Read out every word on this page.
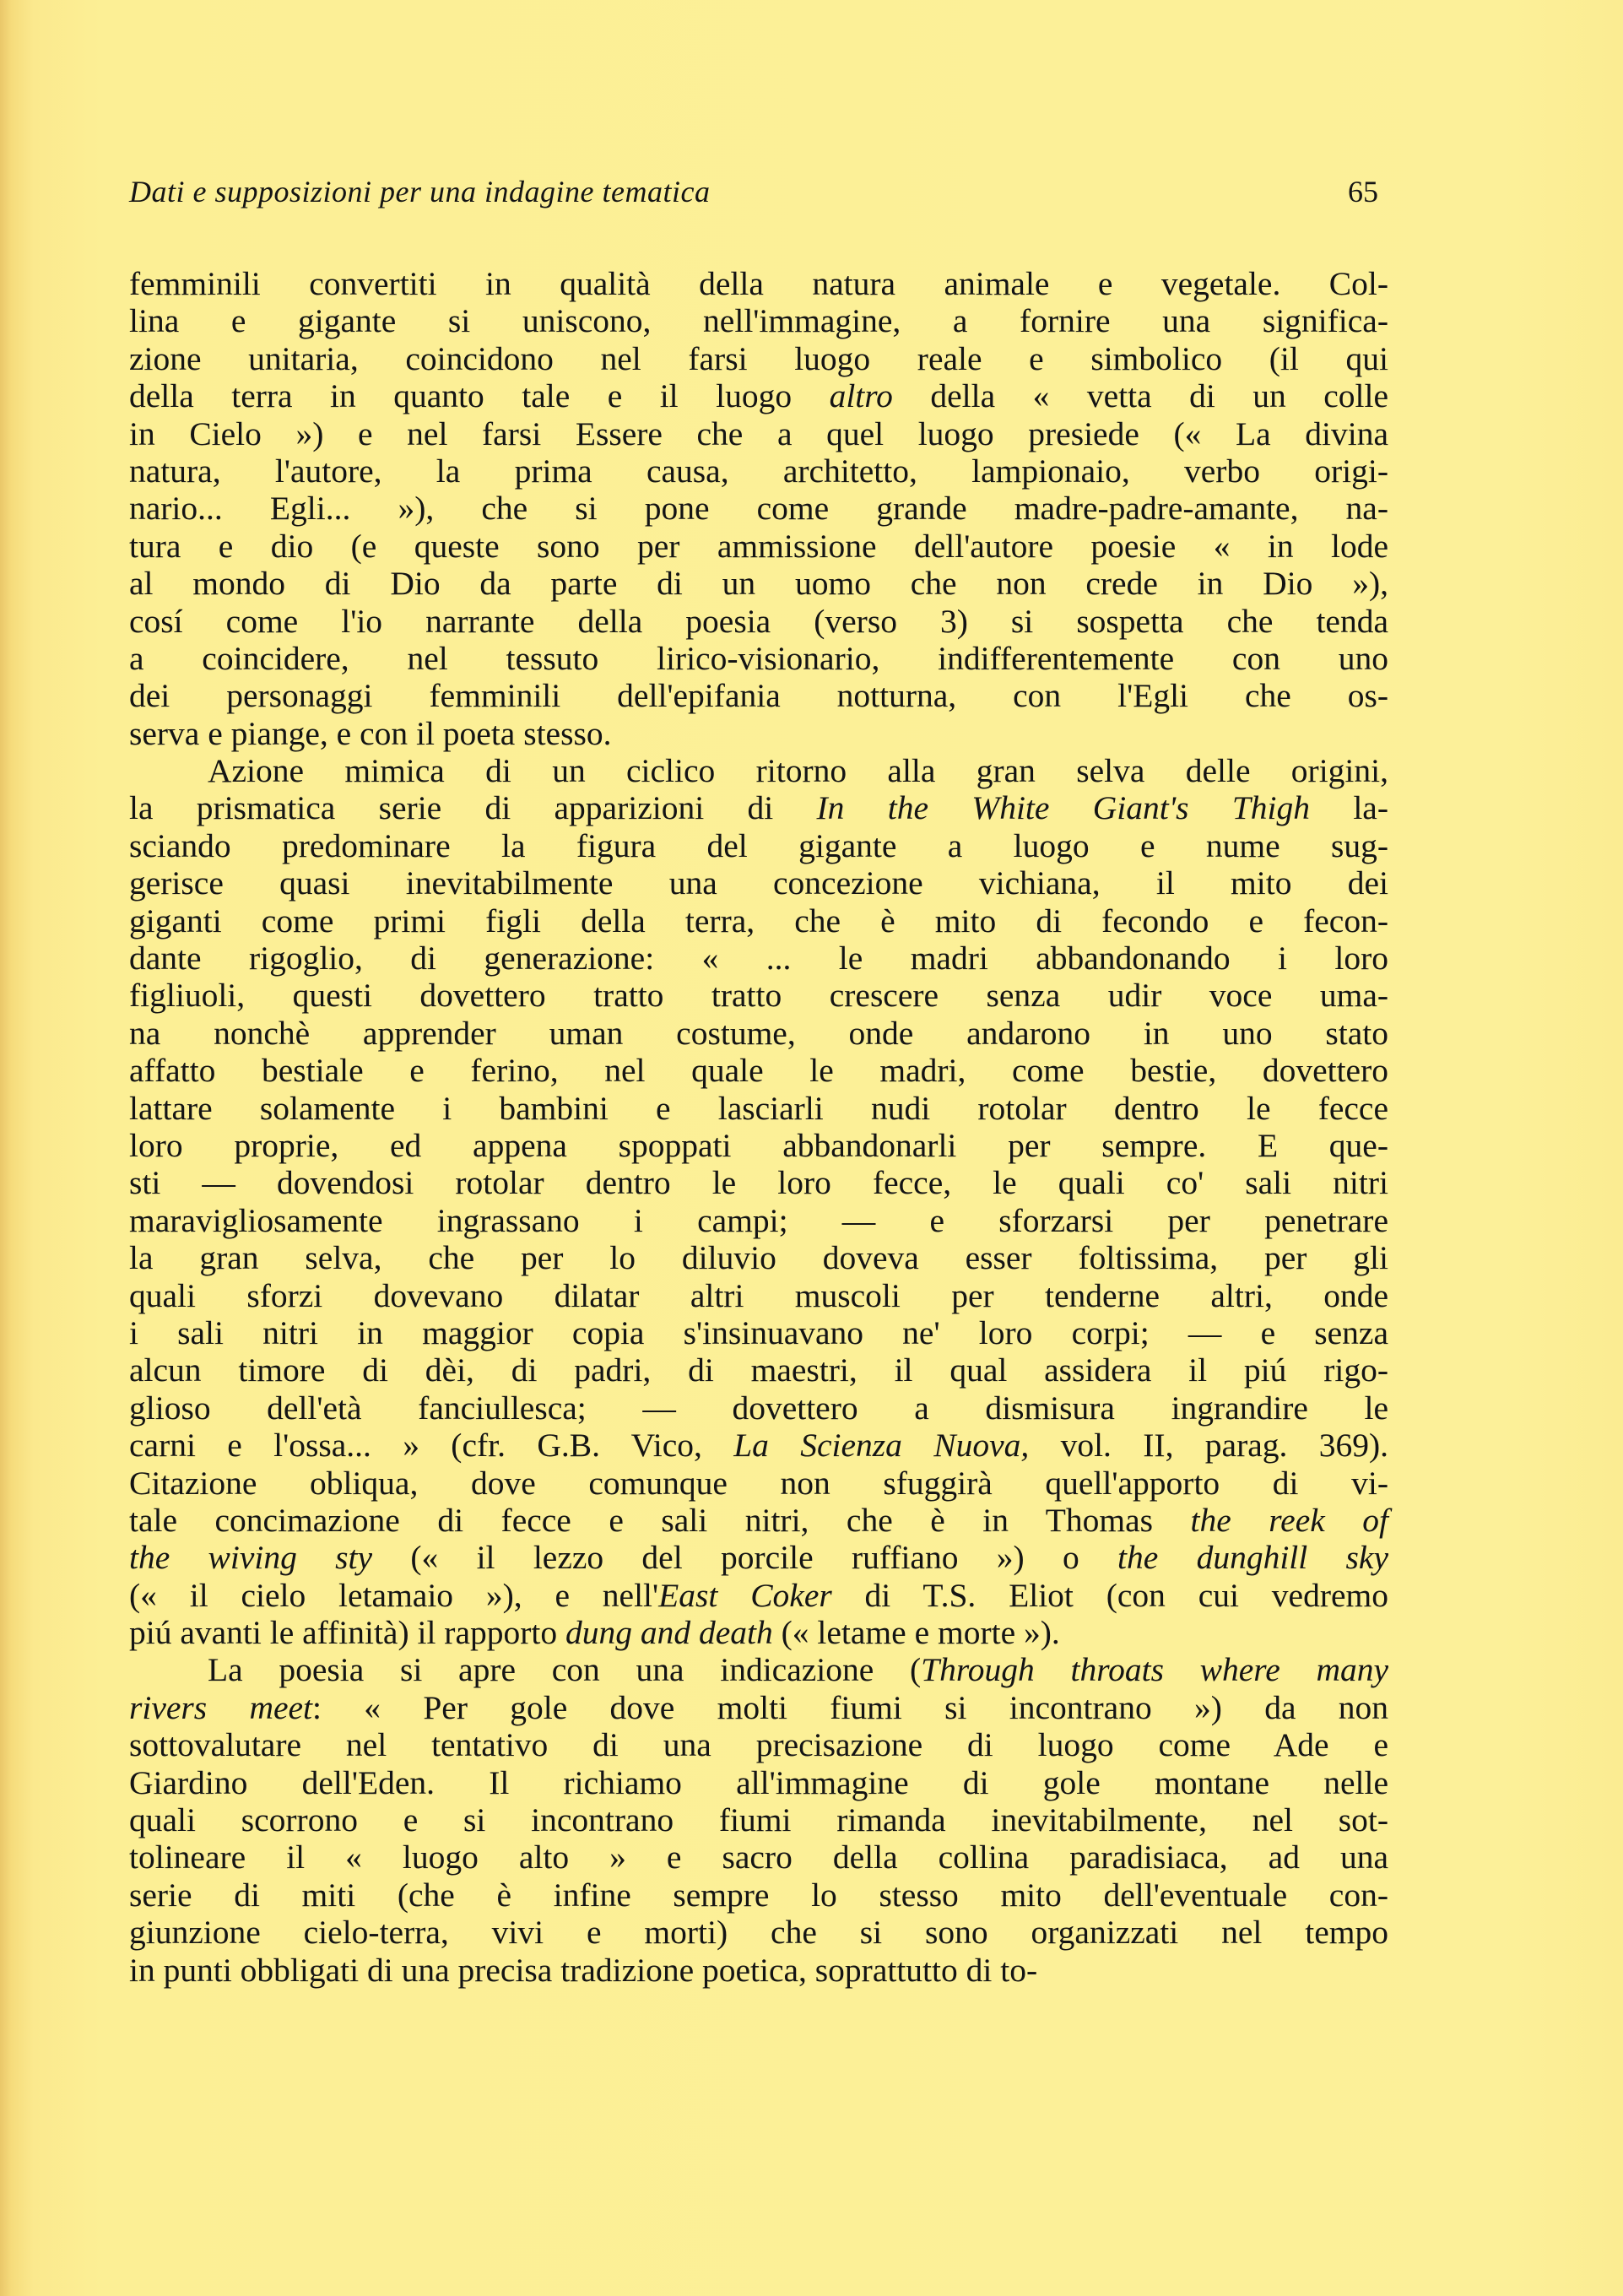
Dati e supposizioni per una indagine tematica	65
femminili convertiti in qualità della natura animale e vegetale. Col-
lina e gigante si uniscono, nell'immagine, a fornire una significa-
zione unitaria, coincidono nel farsi luogo reale e simbolico (il qui
della terra in quanto tale e il luogo altro della « vetta di un colle
in Cielo ») e nel farsi Essere che a quel luogo presiede (« La divina
natura, l'autore, la prima causa, architetto, lampionaio, verbo origi-
nario... Egli... »), che si pone come grande madre-padre-amante, na-
tura e dio (e queste sono per ammissione dell'autore poesie « in lode
al mondo di Dio da parte di un uomo che non crede in Dio »),
cosí come l'io narrante della poesia (verso 3) si sospetta che tenda
a coincidere, nel tessuto lirico-visionario, indifferentemente con uno
dei personaggi femminili dell'epifania notturna, con l'Egli che os-
serva e piange, e con il poeta stesso.
Azione mimica di un ciclico ritorno alla gran selva delle origini,
la prismatica serie di apparizioni di In the White Giant's Thigh la-
sciando predominare la figura del gigante a luogo e nume sug-
gerisce quasi inevitabilmente una concezione vichiana, il mito dei
giganti come primi figli della terra, che è mito di fecondo e fecon-
dante rigoglio, di generazione: « ... le madri abbandonando i loro
figliuoli, questi dovettero tratto tratto crescere senza udir voce uma-
na nonchè apprender uman costume, onde andarono in uno stato
affatto bestiale e ferino, nel quale le madri, come bestie, dovettero
lattare solamente i bambini e lasciarli nudi rotolar dentro le fecce
loro proprie, ed appena spoppati abbandonarli per sempre. E que-
sti — dovendosi rotolar dentro le loro fecce, le quali co' sali nitri
maravigliosamente ingrassano i campi; — e sforzarsi per penetrare
la gran selva, che per lo diluvio doveva esser foltissima, per gli
quali sforzi dovevano dilatar altri muscoli per tenderne altri, onde
i sali nitri in maggior copia s'insinuavano ne' loro corpi; — e senza
alcun timore di dèi, di padri, di maestri, il qual assidera il piú rigo-
glioso dell'età fanciullesca; — dovettero a dismisura ingrandire le
carni e l'ossa... » (cfr. G.B. Vico, La Scienza Nuova, vol. II, parag. 369).
Citazione obliqua, dove comunque non sfuggirà quell'apporto di vi-
tale concimazione di fecce e sali nitri, che è in Thomas the reek of
the wiving sty (« il lezzo del porcile ruffiano ») o the dunghill sky
(« il cielo letamaio »), e nell'East Coker di T.S. Eliot (con cui vedremo
piú avanti le affinità) il rapporto dung and death (« letame e morte »).
La poesia si apre con una indicazione (Through throats where many
rivers meet: « Per gole dove molti fiumi si incontrano ») da non
sottovalutare nel tentativo di una precisazione di luogo come Ade e
Giardino dell'Eden. Il richiamo all'immagine di gole montane nelle
quali scorrono e si incontrano fiumi rimanda inevitabilmente, nel sot-
tolineare il « luogo alto » e sacro della collina paradisiaca, ad una
serie di miti (che è infine sempre lo stesso mito dell'eventuale con-
giunzione cielo-terra, vivi e morti) che si sono organizzati nel tempo
in punti obbligati di una precisa tradizione poetica, soprattutto di to-
